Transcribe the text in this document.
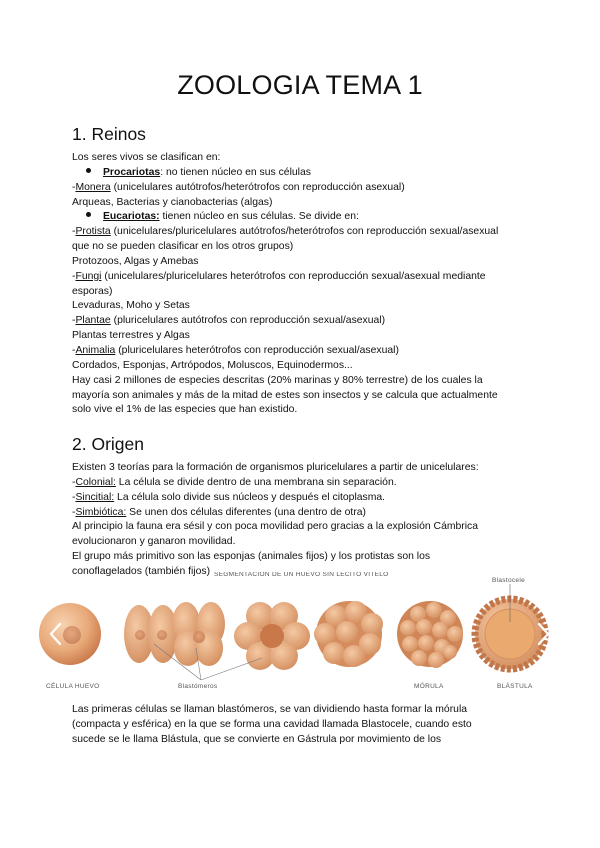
ZOOLOGIA TEMA 1
1. Reinos
Los seres vivos se clasifican en:
Procariotas: no tienen núcleo en sus células
-Monera (unicelulares autótrofos/heterótrofos con reproducción asexual)
Arqueas, Bacterias y cianobacterias (algas)
Eucariotas: tienen núcleo en sus células. Se divide en:
-Protista (unicelulares/pluricelulares autótrofos/heterótrofos con reproducción sexual/asexual
que no se pueden clasificar en los otros grupos)
Protozoos, Algas y Amebas
-Fungi (unicelulares/pluricelulares heterótrofos con reproducción sexual/asexual mediante
esporas)
Levaduras, Moho y Setas
-Plantae (pluricelulares autótrofos con reproducción sexual/asexual)
Plantas terrestres y Algas
-Animalia (pluricelulares heterótrofos con reproducción sexual/asexual)
Cordados, Esponjas, Artrópodos, Moluscos, Equinodermos...
Hay casi 2 millones de especies descritas (20% marinas y 80% terrestre) de los cuales la
mayoría son animales y más de la mitad de estes son insectos y se calcula que actualmente
solo vive el 1% de las especies que han existido.
2. Origen
Existen 3 teorías para la formación de organismos pluricelulares a partir de unicelulares:
-Colonial: La célula se divide dentro de una membrana sin separación.
-Sincitial: La célula solo divide sus núcleos y después el citoplasma.
-Simbiótica: Se unen dos células diferentes (una dentro de otra)
Al principio la fauna era sésil y con poca movilidad pero gracias a la explosión Cámbrica
evolucionaron y ganaron movilidad.
El grupo más primitivo son las esponjas (animales fijos) y los protistas son los
conoflagelados (también fijos) SEGMENTACIÓN DE UN HUEVO SIN LECITO VITELO
CÉLULA HUEVO	Blastómeros	MÓRULA	BLÁSTULA
Blastocele
Las primeras células se llaman blastómeros, se van dividiendo hasta formar la mórula
(compacta y esférica) en la que se forma una cavidad llamada Blastocele, cuando esto
sucede se le llama Blástula, que se convierte en Gástrula por movimiento de los
